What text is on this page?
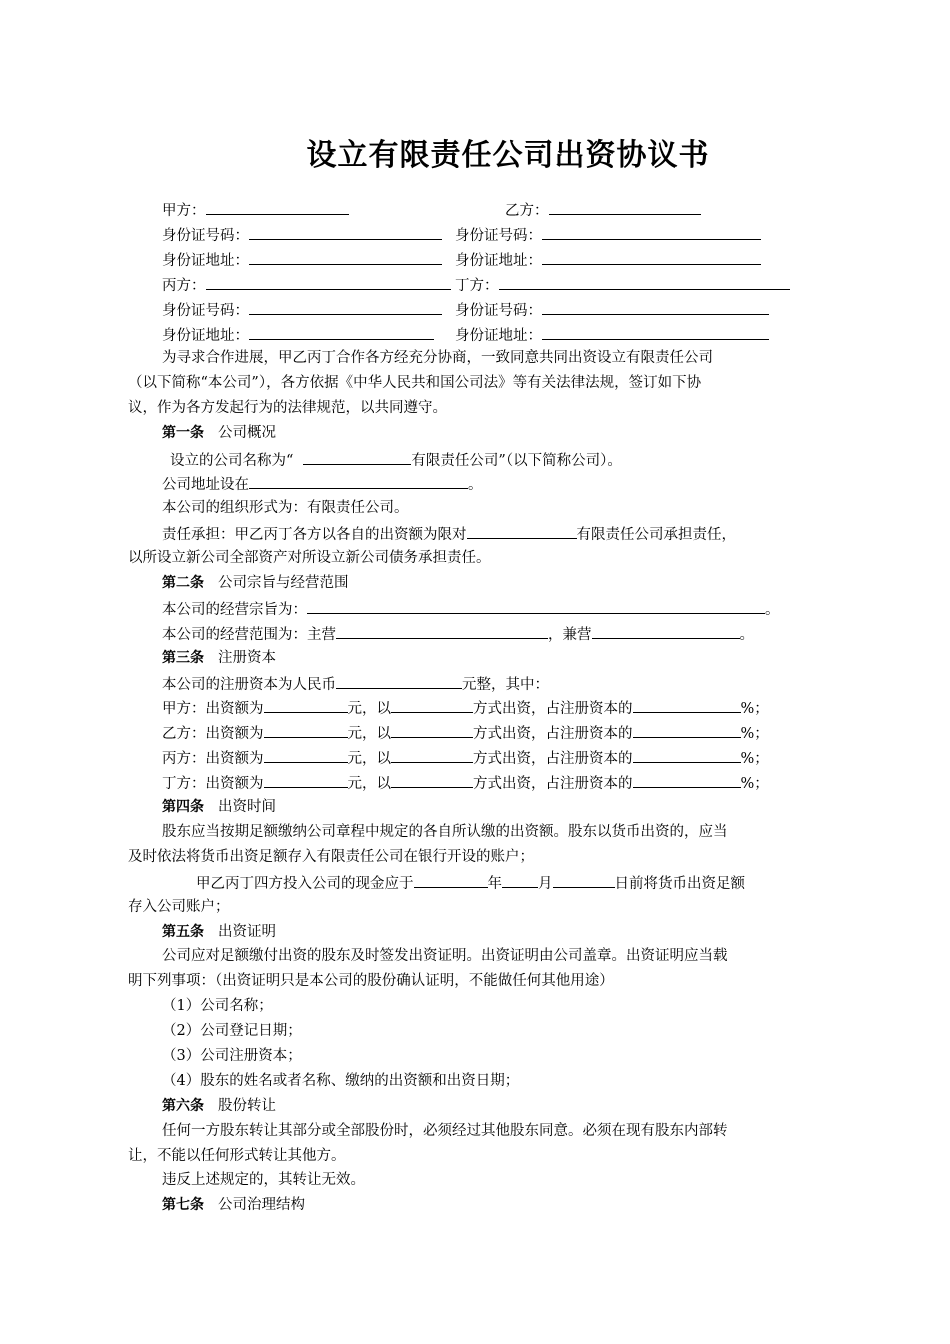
设立有限责任公司出资协议书
甲方：	乙方：
身份证号码：	身份证号码：
身份证地址：	身份证地址：
丙方：	丁方：
身份证号码：	身份证号码：
身份证地址：	身份证地址：
为寻求合作进展，甲乙丙丁合作各方经充分协商，一致同意共同出资设立有限责任公司
（以下简称“本公司”），各方依据《中华人民共和国公司法》等有关法律法规，签订如下协
议，作为各方发起行为的法律规范，以共同遵守。
第一条 公司概况
设立的公司名称为“	有限责任公司”（以下简称公司）。
公司地址设在	。
本公司的组织形式为：有限责任公司。
责任承担：甲乙丙丁各方以各自的出资额为限对	有限责任公司承担责任，
以所设立新公司全部资产对所设立新公司债务承担责任。
第二条 公司宗旨与经营范围
本公司的经营宗旨为：	。
本公司的经营范围为：主营	，兼营	。
第三条 注册资本
本公司的注册资本为人民币	元整，其中：
甲方：出资额为	元，以	方式出资，占注册资本的	%；
乙方：出资额为	元，以	方式出资，占注册资本的	%；
丙方：出资额为	元，以	方式出资，占注册资本的	%；
丁方：出资额为	元，以	方式出资，占注册资本的	%；
第四条 出资时间
股东应当按期足额缴纳公司章程中规定的各自所认缴的出资额。股东以货币出资的，应当
及时依法将货币出资足额存入有限责任公司在银行开设的账户；
甲乙丙丁四方投入公司的现金应于	年 月	日前将货币出资足额
存入公司账户；
第五条 出资证明
公司应对足额缴付出资的股东及时签发出资证明。出资证明由公司盖章。出资证明应当载
明下列事项：（出资证明只是本公司的股份确认证明，不能做任何其他用途）
（1）公司名称；
（2）公司登记日期；
（3）公司注册资本；
（4）股东的姓名或者名称、缴纳的出资额和出资日期；
第六条 股份转让
任何一方股东转让其部分或全部股份时，必须经过其他股东同意。必须在现有股东内部转
让，不能以任何形式转让其他方。
违反上述规定的，其转让无效。
第七条 公司治理结构
